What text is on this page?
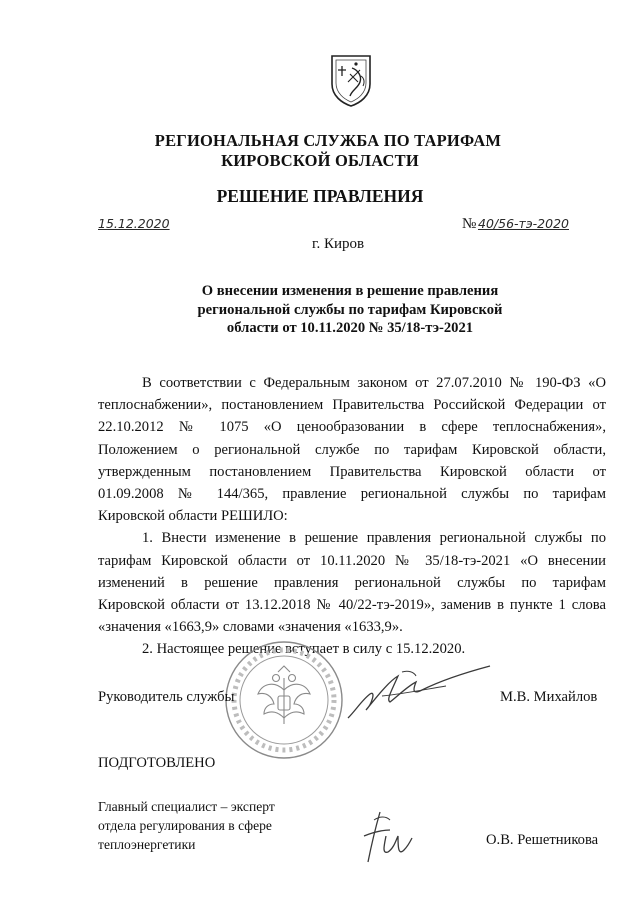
РЕГИОНАЛЬНАЯ СЛУЖБА ПО ТАРИФАМ
КИРОВСКОЙ ОБЛАСТИ
РЕШЕНИЕ ПРАВЛЕНИЯ
15.12.2020	№ 40/56-тэ-2020
г. Киров
О внесении изменения в решение правления
региональной службы по тарифам Кировской
области от 10.11.2020 № 35/18-тэ-2021

В соответствии с Федеральным законом от 27.07.2010 № 190-ФЗ «О
теплоснабжении», постановлением Правительства Российской Федерации от
22.10.2012 № 1075 «О ценообразовании в сфере теплоснабжения»,
Положением о региональной службе по тарифам Кировской области,
утвержденным постановлением Правительства Кировской области от
01.09.2008 № 144/365, правление региональной службы по тарифам
Кировской области РЕШИЛО:

1. Внести изменение в решение правления региональной службы по
тарифам Кировской области от 10.11.2020 № 35/18-тэ-2021 «О внесении
изменений в решение правления региональной службы по тарифам
Кировской области от 13.12.2018 № 40/22-тэ-2019», заменив в пункте 1 слова
«значения «1663,9» словами «значения «1633,9».

2. Настоящее решение вступает в силу с 15.12.2020.

Руководитель службы	М.В. Михайлов
ПОДГОТОВЛЕНО
Главный специалист – эксперт
отдела регулирования в сфере
теплоэнергетики	О.В. Решетникова
